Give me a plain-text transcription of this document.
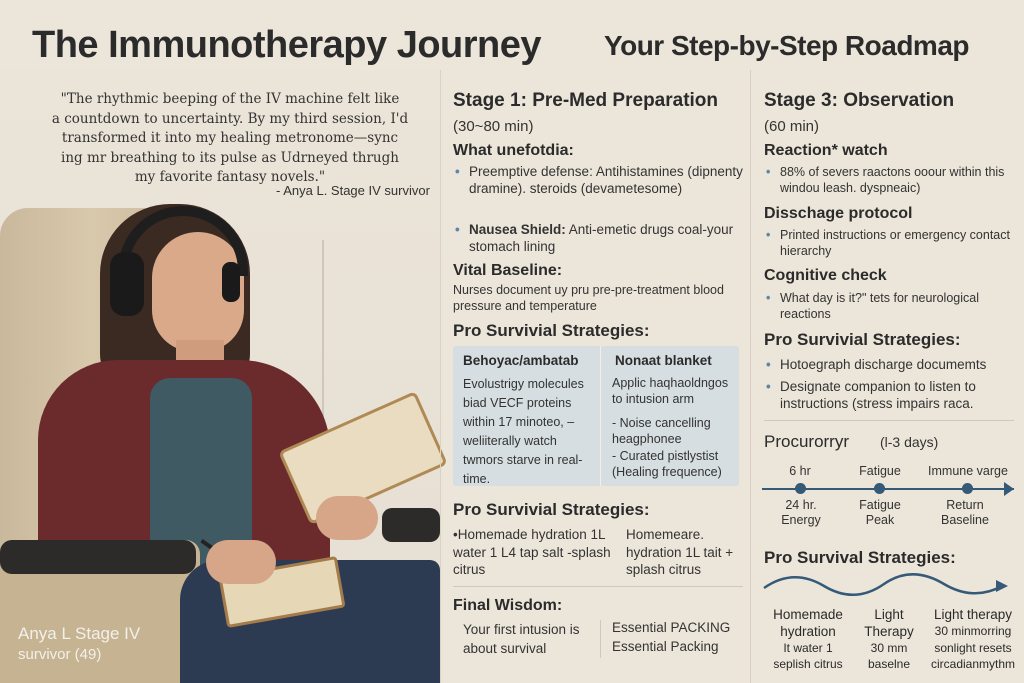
The Immunotherapy Journey Your Step-by-Step Roadmap
"The rhythmic beeping of the IV machine felt like
a countdown to uncertainty. By my third session, I'd
transformed it into my healing metronome—sync
ing mr breathing to its pulse as Udrneyed thrugh
my favorite fantasy novels."
- Anya L. Stage IV survivor
Anya L Stage IV
survivor (49)
Stage 1: Pre-Med Preparation
(30~80 min)
What unefotdia:
• Preemptive defense: Antihistamines (dipnenty dramine). steroids (devametesome)
• Nausea Shield: Anti-emetic drugs coal-your stomach lining
Vital Baseline:
Nurses document uy pru pre-pre-treatment blood pressure and temperature
Pro Survivial Strategies:
Behoyac/ambatab
Evolustrigy molecules biad VECF proteins within 17 minoteo, –weliiterally watch twmors starve in real-time.
Nonaat blanket
Applic haqhaoldngos to intusion arm
- Noise cancelling heagphonee
- Curated pistlystist (Healing frequence)
Pro Survivial Strategies:
•Homemade hydration 1L water 1 L4 tap salt -splash citrus
Homemeare. hydration 1L tait + splash citrus
Final Wisdom:
Your first intusion is about survival
Essential PACKING
Essential Packing
Stage 3: Observation
(60 min)
Reaction* watch
• 88% of severs raactons ooour within this windou leash. dyspneaic)
Disschage protocol
• Printed instructions or emergency contact hierarchy
Cognitive check
• What day is it?" tets for neurological reactions
Pro Survivial Strategies:
• Hotoegraph discharge documemts
• Designate companion to listen to instructions (stress impairs raca.
Procurorryr (l-3 days)
6 hr	Fatigue	Immune varge
24 hr.
Energy
Fatigue
Peak
Return
Baseline
Pro Survival Strategies:
Homemade
hydration
It water 1
seplish citrus
Light
Therapy
30 mm
baselne
Light therapy
30 minmorring
sonlight resets
circadianmythm
